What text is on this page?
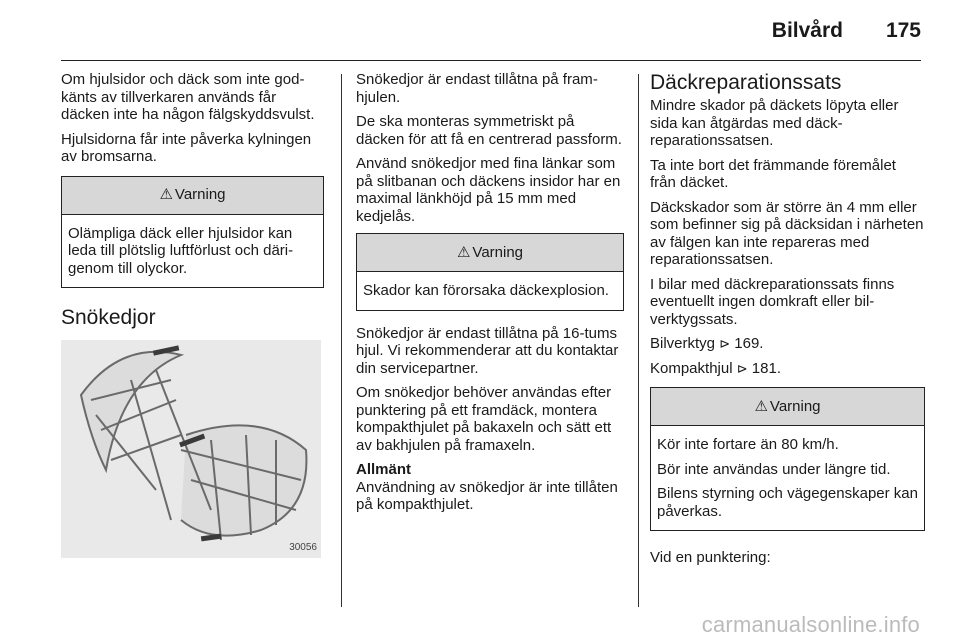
Bilvård 175

Om hjulsidor och däck som inte godkänts av tillverkaren används får däcken inte ha någon fälgskyddsvulst.

Hjulsidorna får inte påverka kylningen av bromsarna.

⚠ Varning

Olämpliga däck eller hjulsidor kan leda till plötslig luftförlust och därigenom till olyckor.

Snökedjor
30056

Snökedjor är endast tillåtna på framhjulen.

De ska monteras symmetriskt på däcken för att få en centrerad passform.

Använd snökedjor med fina länkar som på slitbanan och däckens insidor har en maximal länkhöjd på 15 mm med kedjelås.

⚠ Varning

Skador kan förorsaka däckexplosion.

Snökedjor är endast tillåtna på 16-tums hjul. Vi rekommenderar att du kontaktar din servicepartner.

Om snökedjor behöver användas efter punktering på ett framdäck, montera kompakthjulet på bakaxeln och sätt ett av bakhjulen på framaxeln.

Allmänt

Användning av snökedjor är inte tillåten på kompakthjulet.

Däckreparationssats

Mindre skador på däckets löpyta eller sida kan åtgärdas med däckreparationssatsen.

Ta inte bort det främmande föremålet från däcket.

Däckskador som är större än 4 mm eller som befinner sig på däcksidan i närheten av fälgen kan inte repareras med reparationssatsen.

I bilar med däckreparationssats finns eventuellt ingen domkraft eller bilverktygssats.

Bilverktyg ⊳ 169.

Kompakthjul ⊳ 181.

⚠ Varning

Kör inte fortare än 80 km/h.

Bör inte användas under längre tid.

Bilens styrning och vägegenskaper kan påverkas.

Vid en punktering:

carmanualsonline.info
